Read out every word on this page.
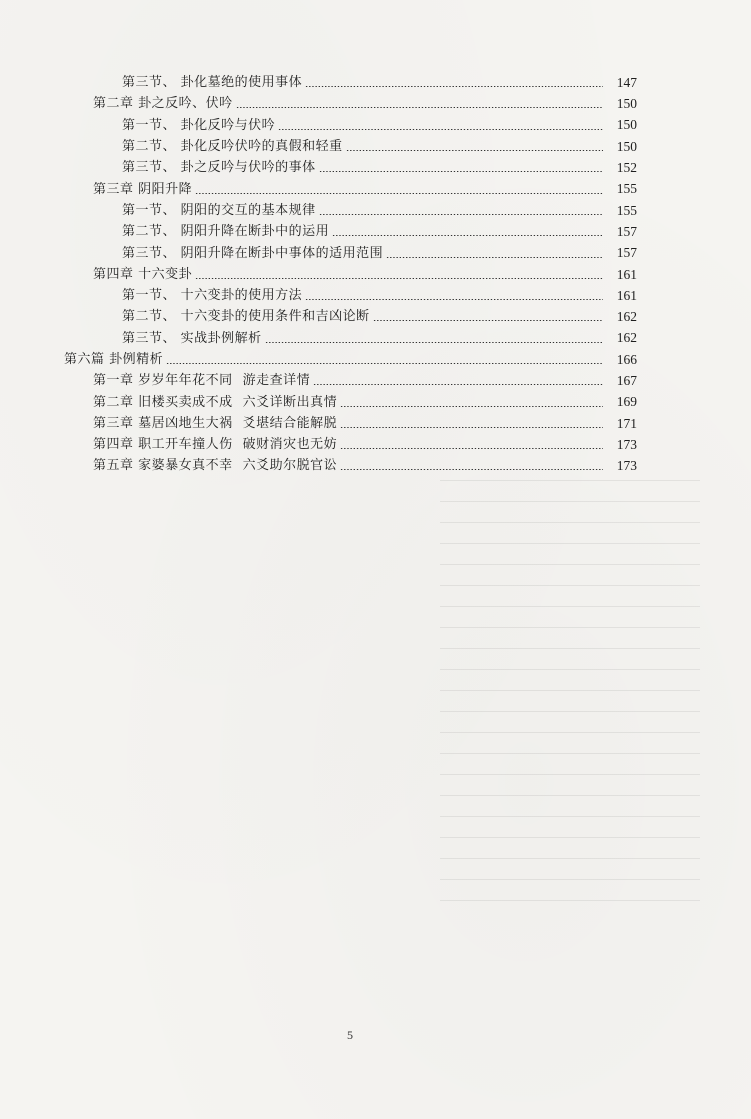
第三节、 卦化墓绝的使用事体	147
第二章 卦之反吟、伏吟	150
第一节、 卦化反吟与伏吟	150
第二节、 卦化反吟伏吟的真假和轻重	150
第三节、 卦之反吟与伏吟的事体	152
第三章 阴阳升降	155
第一节、 阴阳的交互的基本规律	155
第二节、 阴阳升降在断卦中的运用	157
第三节、 阴阳升降在断卦中事体的适用范围	157
第四章 十六变卦	161
第一节、 十六变卦的使用方法	161
第二节、 十六变卦的使用条件和吉凶论断	162
第三节、 实战卦例解析	162
第六篇 卦例精析	166
第一章 岁岁年年花不同 游走查详情	167
第二章 旧楼买卖成不成 六爻详断出真情	169
第三章 墓居凶地生大祸 爻堪结合能解脱	171
第四章 职工开车撞人伤 破财消灾也无妨	173
第五章 家婆暴女真不幸 六爻助尔脱官讼	173
5
